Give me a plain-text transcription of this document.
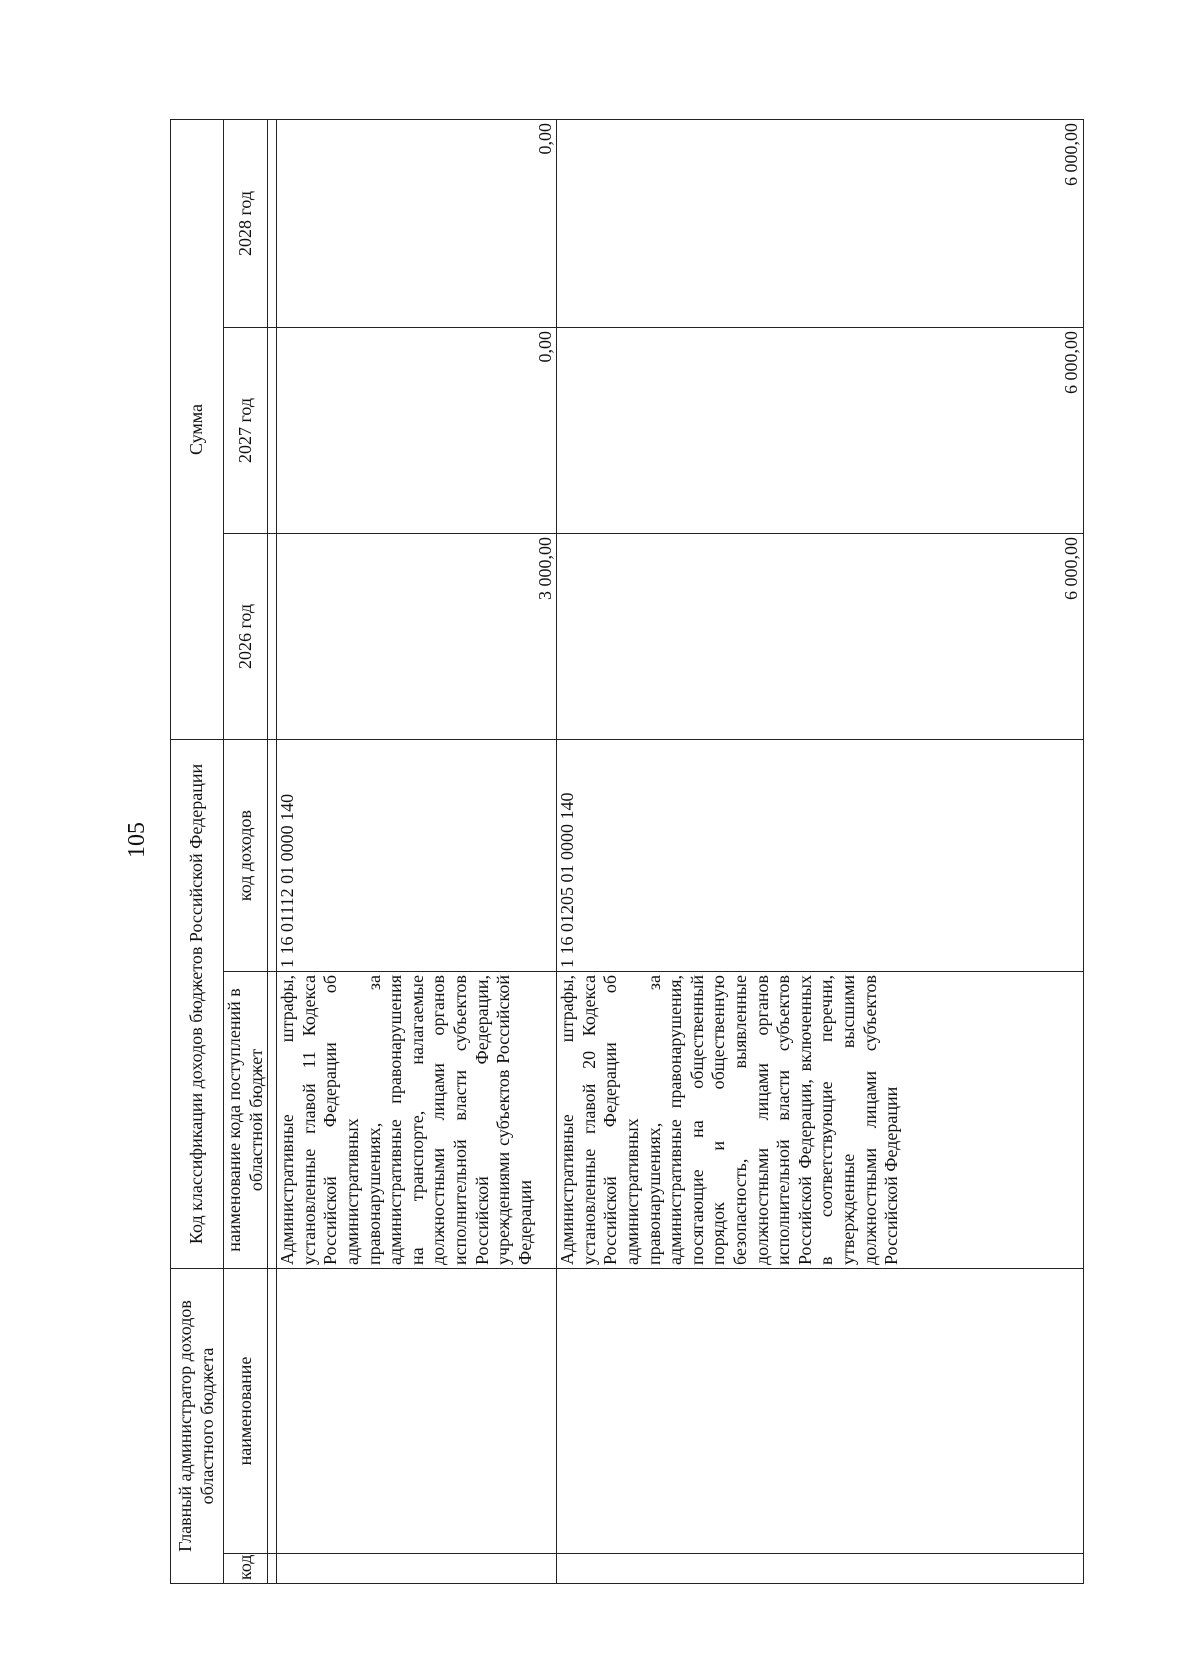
105
Главный администратор доходов областного бюджета		Код классификации доходов бюджетов Российской Федерации		Сумма		
код	наименование	наименование кода поступлений в областной бюджет	код доходов	2026 год	2027 год	2028 год

		Административные штрафы, установленные главой 11 Кодекса Российской Федерации об административных правонарушениях, за административные правонарушения на транспорте, налагаемые должностными лицами органов исполнительной власти субъектов Российской Федерации, учреждениями субъектов Российской Федерации	1 16 01112 01 0000 140	3 000,00	0,00	0,00
		Административные штрафы, установленные главой 20 Кодекса Российской Федерации об административных правонарушениях, за административные правонарушения, посягающие на общественный порядок и общественную безопасность, выявленные должностными лицами органов исполнительной власти субъектов Российской Федерации, включенных в соответствующие перечни, утвержденные высшими должностными лицами субъектов Российской Федерации	1 16 01205 01 0000 140	6 000,00	6 000,00	6 000,00
